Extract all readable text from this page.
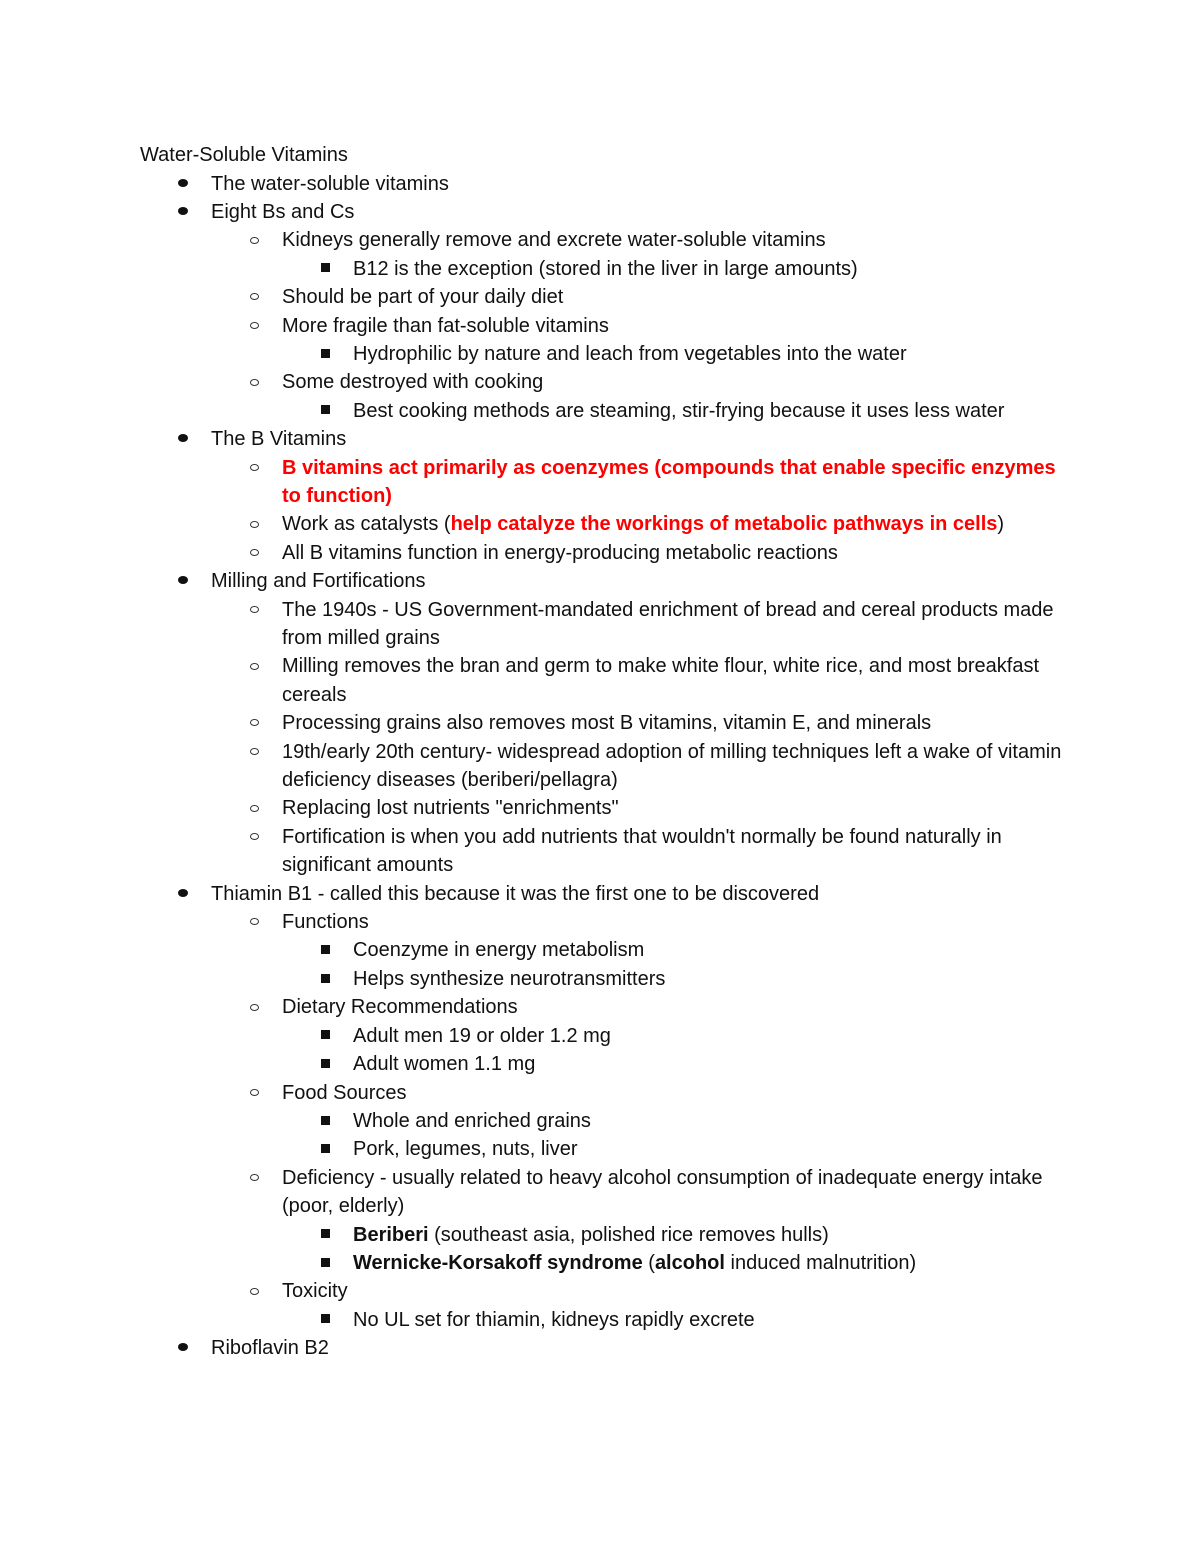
Water-Soluble Vitamins
The water-soluble vitamins
Eight Bs and Cs
Kidneys generally remove and excrete water-soluble vitamins
B12 is the exception (stored in the liver in large amounts)
Should be part of your daily diet
More fragile than fat-soluble vitamins
Hydrophilic by nature and leach from vegetables into the water
Some destroyed with cooking
Best cooking methods are steaming, stir-frying because it uses less water
The B Vitamins
B vitamins act primarily as coenzymes (compounds that enable specific enzymes to function)
Work as catalysts (help catalyze the workings of metabolic pathways in cells)
All B vitamins function in energy-producing metabolic reactions
Milling and Fortifications
The 1940s - US Government-mandated enrichment of bread and cereal products made from milled grains
Milling removes the bran and germ to make white flour, white rice, and most breakfast cereals
Processing grains also removes most B vitamins, vitamin E, and minerals
19th/early 20th century- widespread adoption of milling techniques left a wake of vitamin deficiency diseases (beriberi/pellagra)
Replacing lost nutrients "enrichments"
Fortification is when you add nutrients that wouldn't normally be found naturally in significant amounts
Thiamin B1 - called this because it was the first one to be discovered
Functions
Coenzyme in energy metabolism
Helps synthesize neurotransmitters
Dietary Recommendations
Adult men 19 or older 1.2 mg
Adult women 1.1 mg
Food Sources
Whole and enriched grains
Pork, legumes, nuts, liver
Deficiency - usually related to heavy alcohol consumption of inadequate energy intake (poor, elderly)
Beriberi (southeast asia, polished rice removes hulls)
Wernicke-Korsakoff syndrome (alcohol induced malnutrition)
Toxicity
No UL set for thiamin, kidneys rapidly excrete
Riboflavin B2
